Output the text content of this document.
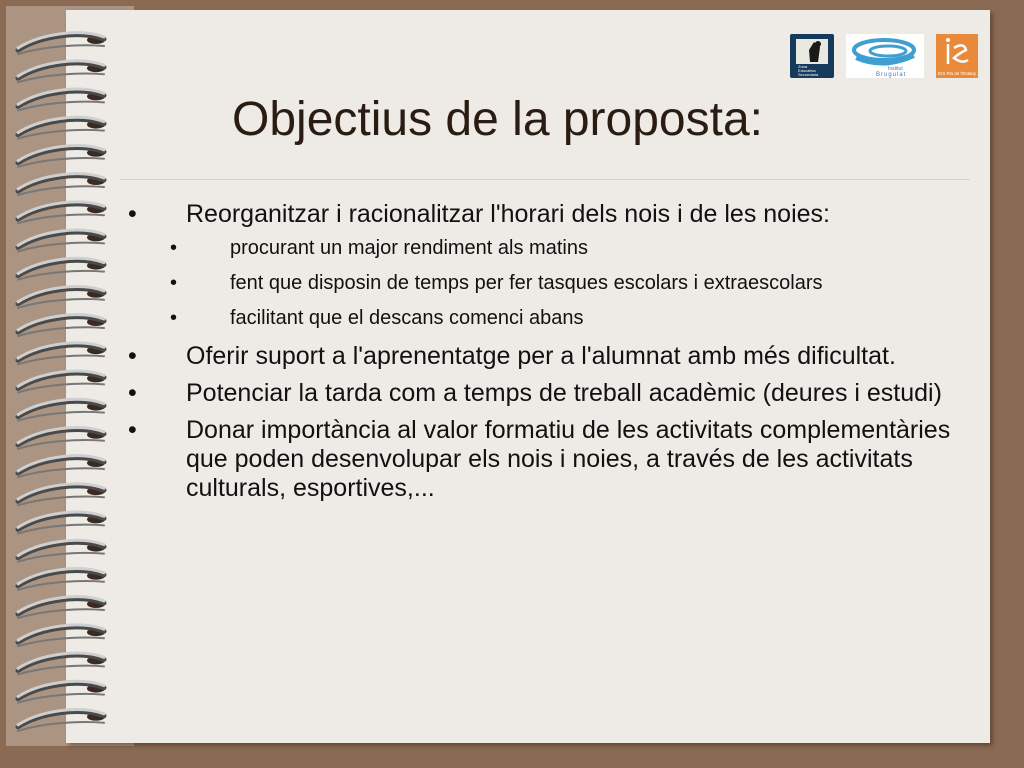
Zona
Educativa
Secundaria
Institut
Brugulat	IES Pla de l'Estany
Objectius de la proposta:
• Reorganitzar i racionalitzar l'horari dels nois i de les noies:
• procurant un major rendiment als matins
• fent que disposin de temps per fer tasques escolars i extraescolars
• facilitant que el descans comenci abans
• Oferir suport a l'aprenentatge per a l'alumnat amb més dificultat.
• Potenciar la tarda com a temps de treball acadèmic (deures i estudi)
• Donar importància al valor formatiu de les activitats complementàries que poden desenvolupar els nois i noies, a través de les activitats culturals, esportives,...
